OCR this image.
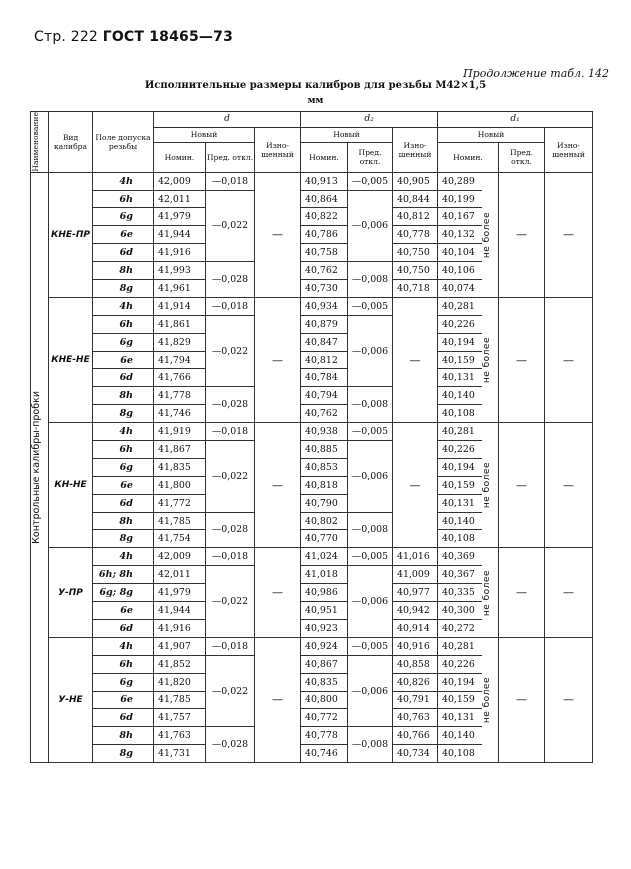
Стр. 222 ГОСТ 18465—73
Продолжение табл. 142
Исполнительные размеры калибров для резьбы М42×1,5
мм
Наименование	Вид калибра	Поле допуска резьбы	d			d₂			d₁			
			Новый		Изно-шенный	Новый		Изно-шенный	Новый			Изно-шенный
			Номин.	Пред. откл.		Номин.	Пред. откл.		Номин.		Пред. откл.	

Контрольные калибры-пробки	КНЕ-ПР	4h	42,009	—0,018	—	40,913	—0,005	40,905	40,289	не более	—	—
		6h	42,011	—0,022		40,864	—0,006	40,844	40,199			
		6g	41,979			40,822		40,812	40,167			
		6e	41,944			40,786		40,778	40,132			
		6d	41,916			40,758		40,750	40,104			
		8h	41,993	—0,028		40,762	—0,008	40,750	40,106			
		8g	41,961			40,730		40,718	40,074			
	КНЕ-НЕ	4h	41,914	—0,018	—	40,934	—0,005	—	40,281	не более	—	—
		6h	41,861	—0,022		40,879	—0,006		40,226			
		6g	41,829			40,847			40,194			
		6e	41,794			40,812			40,159			
		6d	41,766			40,784			40,131			
		8h	41,778	—0,028		40,794	—0,008		40,140			
		8g	41,746			40,762			40,108			
	КН-НЕ	4h	41,919	—0,018	—	40,938	—0,005	—	40,281	не более	—	—
		6h	41,867	—0,022		40,885	—0,006		40,226			
		6g	41,835			40,853			40,194			
		6e	41,800			40,818			40,159			
		6d	41,772			40,790			40,131			
		8h	41,785	—0,028		40,802	—0,008		40,140			
		8g	41,754			40,770			40,108			
	У-ПР	4h	42,009	—0,018	—	41,024	—0,005	41,016	40,369	не более	—	—
		6h; 8h	42,011	—0,022		41,018	—0,006	41,009	40,367			
		6g; 8g	41,979			40,986		40,977	40,335			
		6e	41,944			40,951		40,942	40,300			
		6d	41,916			40,923		40,914	40,272			
	У-НЕ	4h	41,907	—0,018	—	40,924	—0,005	40,916	40,281	не более	—	—
		6h	41,852	—0,022		40,867	—0,006	40,858	40,226			
		6g	41,820			40,835		40,826	40,194			
		6e	41,785			40,800		40,791	40,159			
		6d	41,757			40,772		40,763	40,131			
		8h	41,763	—0,028		40,778	—0,008	40,766	40,140			
		8g	41,731			40,746		40,734	40,108			
